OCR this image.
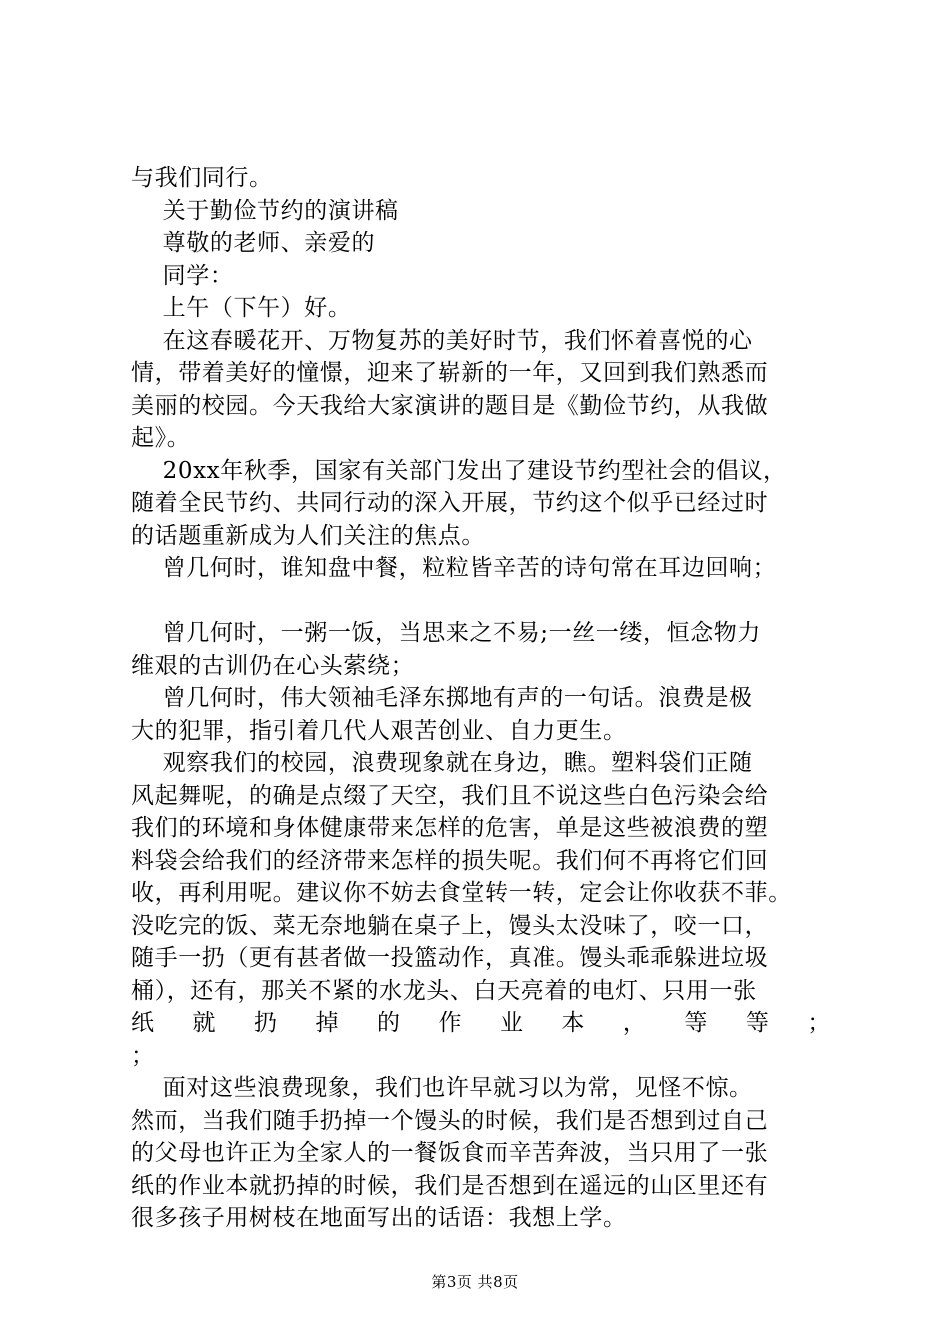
与我们同行。
关于勤俭节约的演讲稿
尊敬的老师、亲爱的
同学：
上午（下午）好。
在这春暖花开、万物复苏的美好时节，我们怀着喜悦的心
情，带着美好的憧憬，迎来了崭新的一年，又回到我们熟悉而
美丽的校园。今天我给大家演讲的题目是《勤俭节约，从我做
起》。
20xx年秋季，国家有关部门发出了建设节约型社会的倡议，
随着全民节约、共同行动的深入开展，节约这个似乎已经过时
的话题重新成为人们关注的焦点。
曾几何时，谁知盘中餐，粒粒皆辛苦的诗句常在耳边回响；
曾几何时，一粥一饭，当思来之不易;一丝一缕，恒念物力
维艰的古训仍在心头萦绕；
曾几何时，伟大领袖毛泽东掷地有声的一句话。浪费是极
大的犯罪，指引着几代人艰苦创业、自力更生。
观察我们的校园，浪费现象就在身边，瞧。塑料袋们正随
风起舞呢，的确是点缀了天空，我们且不说这些白色污染会给
我们的环境和身体健康带来怎样的危害，单是这些被浪费的塑
料袋会给我们的经济带来怎样的损失呢。我们何不再将它们回
收，再利用呢。建议你不妨去食堂转一转，定会让你收获不菲。
没吃完的饭、菜无奈地躺在桌子上，馒头太没味了，咬一口，
随手一扔（更有甚者做一投篮动作，真准。馒头乖乖躲进垃圾
桶），还有，那关不紧的水龙头、白天亮着的电灯、只用一张
纸 就 扔 掉 的 作 业 本 ， 等 等 ；
；
面对这些浪费现象，我们也许早就习以为常，见怪不惊。
然而，当我们随手扔掉一个馒头的时候，我们是否想到过自己
的父母也许正为全家人的一餐饭食而辛苦奔波，当只用了一张
纸的作业本就扔掉的时候，我们是否想到在遥远的山区里还有
很多孩子用树枝在地面写出的话语：我想上学。
第3页 共8页
